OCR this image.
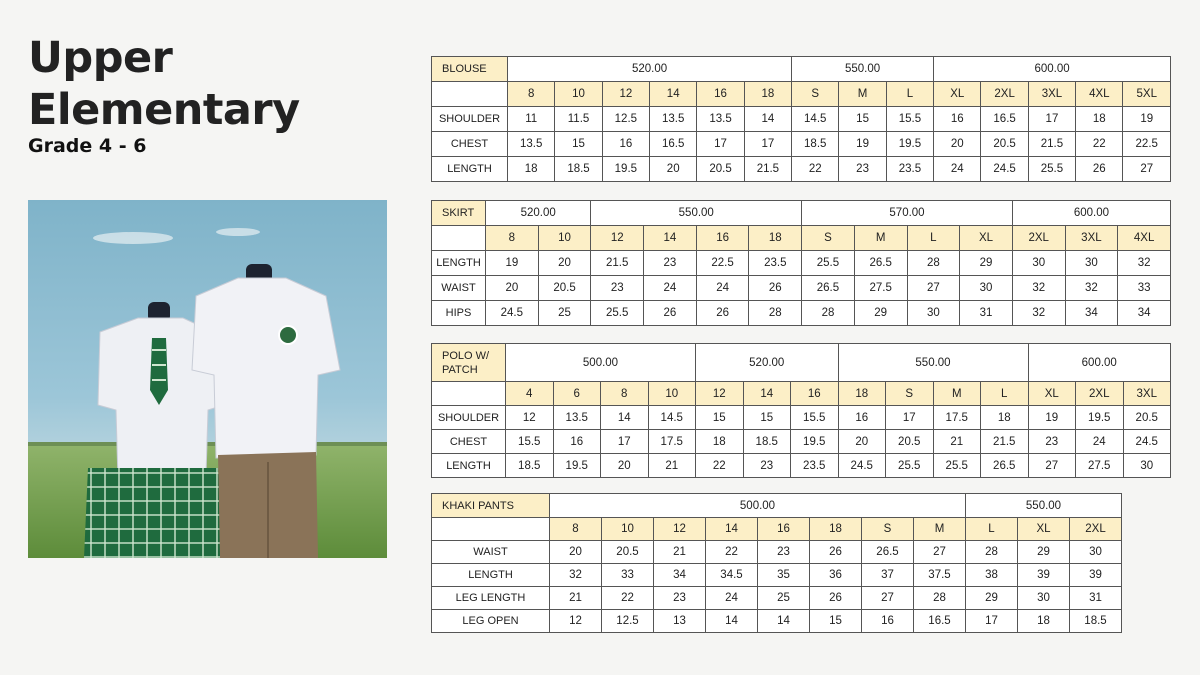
Upper
Elementary
Grade 4 - 6
BLOUSE	520.00						550.00			600.00				
	8	10	12	14	16	18	S	M	L	XL	2XL	3XL	4XL	5XL
SHOULDER	11	11.5	12.5	13.5	13.5	14	14.5	15	15.5	16	16.5	17	18	19
CHEST	13.5	15	16	16.5	17	17	18.5	19	19.5	20	20.5	21.5	22	22.5
LENGTH	18	18.5	19.5	20	20.5	21.5	22	23	23.5	24	24.5	25.5	26	27
SKIRT	520.00		550.00				570.00				600.00		
	8	10	12	14	16	18	S	M	L	XL	2XL	3XL	4XL
LENGTH	19	20	21.5	23	22.5	23.5	25.5	26.5	28	29	30	30	32
WAIST	20	20.5	23	24	24	26	26.5	27.5	27	30	32	32	33
HIPS	24.5	25	25.5	26	26	28	28	29	30	31	32	34	34
POLO W/ PATCH	500.00				520.00			550.00				600.00		
	4	6	8	10	12	14	16	18	S	M	L	XL	2XL	3XL
SHOULDER	12	13.5	14	14.5	15	15	15.5	16	17	17.5	18	19	19.5	20.5
CHEST	15.5	16	17	17.5	18	18.5	19.5	20	20.5	21	21.5	23	24	24.5
LENGTH	18.5	19.5	20	21	22	23	23.5	24.5	25.5	25.5	26.5	27	27.5	30
KHAKI PANTS	500.00								550.00		
	8	10	12	14	16	18	S	M	L	XL	2XL
WAIST	20	20.5	21	22	23	26	26.5	27	28	29	30
LENGTH	32	33	34	34.5	35	36	37	37.5	38	39	39
LEG LENGTH	21	22	23	24	25	26	27	28	29	30	31
LEG OPEN	12	12.5	13	14	14	15	16	16.5	17	18	18.5
